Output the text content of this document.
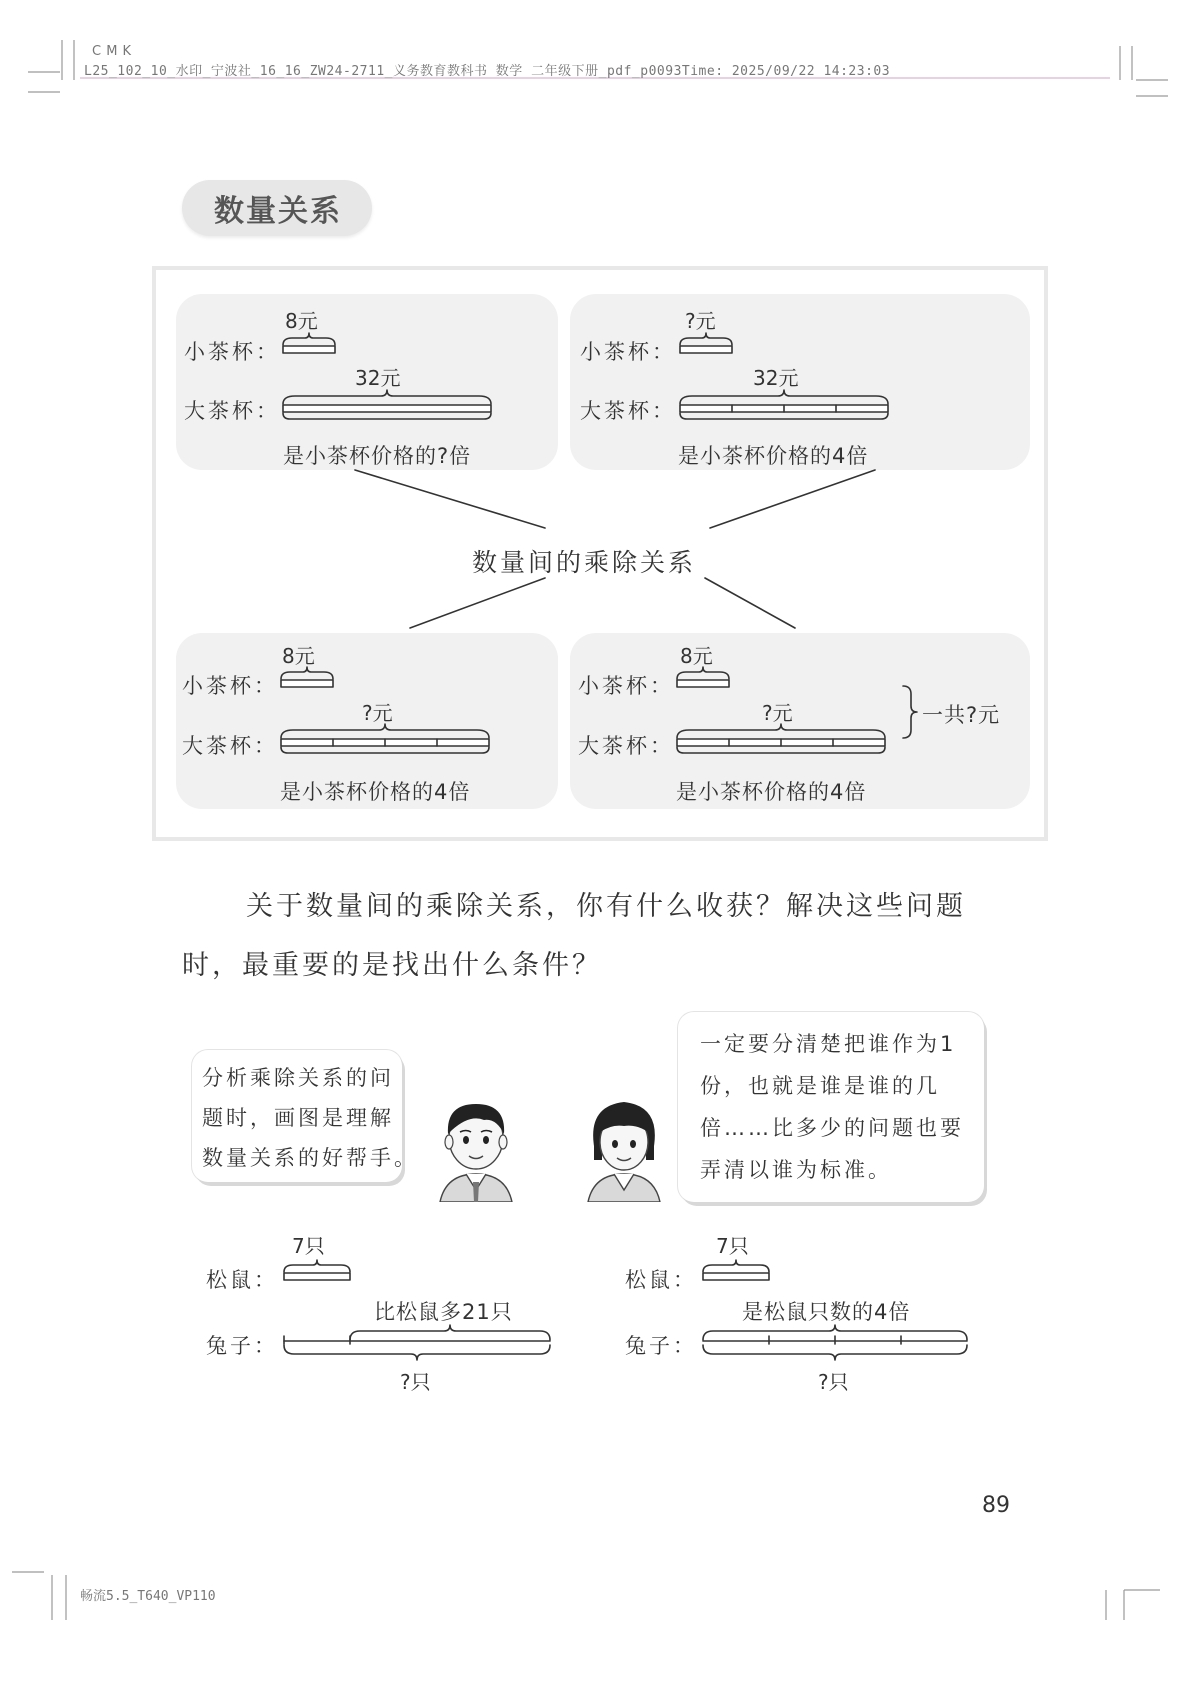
C M K
L25_102_10_水印_宁波社_16_16_ZW24-2711_义务教育教科书 数学 二年级下册_pdf_p0093Time: 2025/09/22 14:23:03
数量关系
8元
小茶杯：
32元
大茶杯：
是小茶杯价格的?倍
?元
小茶杯：
32元
大茶杯：
是小茶杯价格的4倍
数量间的乘除关系
8元
小茶杯：
?元
大茶杯：
是小茶杯价格的4倍
8元
小茶杯：
?元
大茶杯：
是小茶杯价格的4倍
一共?元
关于数量间的乘除关系，你有什么收获？解决这些问题
时，最重要的是找出什么条件？
分析乘除关系的问
题时，画图是理解
数量关系的好帮手。
一定要分清楚把谁作为1
份，也就是谁是谁的几
倍……比多少的问题也要
弄清以谁为标准。
7只
松鼠：
比松鼠多21只
兔子：
?只
7只
松鼠：
是松鼠只数的4倍
兔子：
?只
89
畅流5.5_T640_VP110
